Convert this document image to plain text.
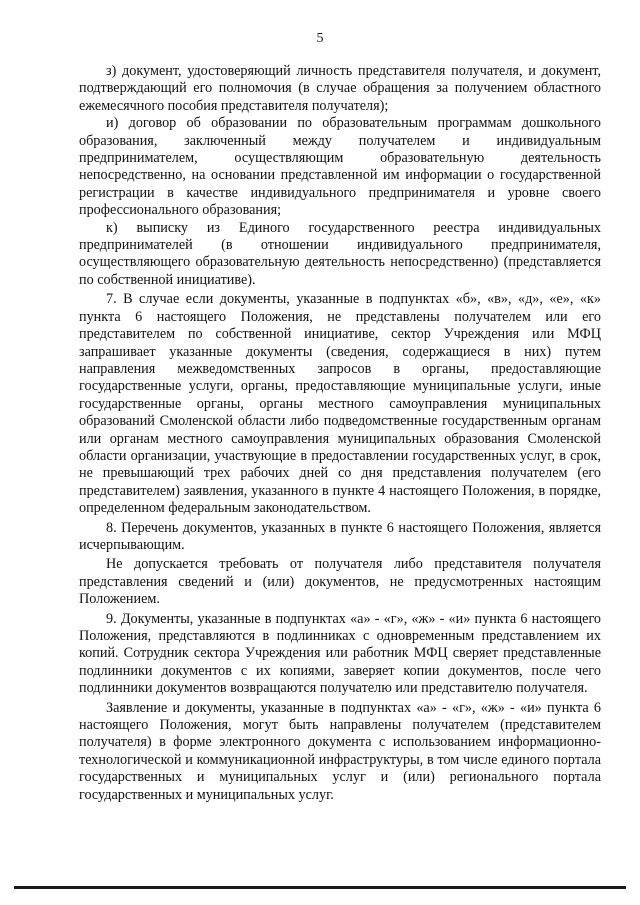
5

з) документ, удостоверяющий личность представителя получателя, и документ, подтверждающий его полномочия (в случае обращения за получением областного ежемесячного пособия представителя получателя);

и) договор об образовании по образовательным программам дошкольного образования, заключенный между получателем и индивидуальным предпринимателем, осуществляющим образовательную деятельность непосредственно, на основании представленной им информации о государственной регистрации в качестве индивидуального предпринимателя и уровне своего профессионального образования;

к) выписку из Единого государственного реестра индивидуальных предпринимателей (в отношении индивидуального предпринимателя, осуществляющего образовательную деятельность непосредственно) (представляется по собственной инициативе).

7. В случае если документы, указанные в подпунктах «б», «в», «д», «е», «к» пункта 6 настоящего Положения, не представлены получателем или его представителем по собственной инициативе, сектор Учреждения или МФЦ запрашивает указанные документы (сведения, содержащиеся в них) путем направления межведомственных запросов в органы, предоставляющие государственные услуги, органы, предоставляющие муниципальные услуги, иные государственные органы, органы местного самоуправления муниципальных образований Смоленской области либо подведомственные государственным органам или органам местного самоуправления муниципальных образования Смоленской области организации, участвующие в предоставлении государственных услуг, в срок, не превышающий трех рабочих дней со дня представления получателем (его представителем) заявления, указанного в пункте 4 настоящего Положения, в порядке, определенном федеральным законодательством.

8. Перечень документов, указанных в пункте 6 настоящего Положения, является исчерпывающим.

Не допускается требовать от получателя либо представителя получателя представления сведений и (или) документов, не предусмотренных настоящим Положением.

9. Документы, указанные в подпунктах «а» - «г», «ж» - «и» пункта 6 настоящего Положения, представляются в подлинниках с одновременным представлением их копий. Сотрудник сектора Учреждения или работник МФЦ сверяет представленные подлинники документов с их копиями, заверяет копии документов, после чего подлинники документов возвращаются получателю или представителю получателя.

Заявление и документы, указанные в подпунктах «а» - «г», «ж» - «и» пункта 6 настоящего Положения, могут быть направлены получателем (представителем получателя) в форме электронного документа с использованием информационно-технологической и коммуникационной инфраструктуры, в том числе единого портала государственных и муниципальных услуг и (или) регионального портала государственных и муниципальных услуг.
